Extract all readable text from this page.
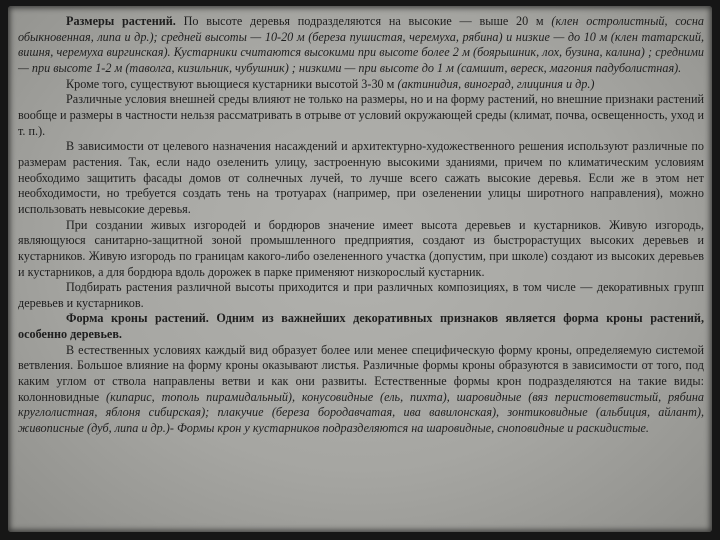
Размеры растений. По высоте деревья подразделяются на высокие — выше 20 м (клен остролистный, сосна обыкновенная, липа и др.); средней высоты — 10-20 м (береза пушистая, черемуха, рябина) и низкие — до 10 м (клен татарский, вишня, черемуха виргинская). Кустарники считаются высокими при высоте более 2 м (боярышник, лох, бузина, калина) ; средними — при высоте 1-2 м (таволга, кизильник, чубушник) ; низкими — при высоте до 1 м (самшит, вереск, магония падуболистная).

Кроме того, существуют вьющиеся кустарники высотой 3-30 м (актинидия, виноград, глициния и др.)

Различные условия внешней среды влияют не только на размеры, но и на форму растений, но внешние признаки растений вообще и размеры в частности нельзя рассматривать в отрыве от условий окружающей среды (климат, почва, освещенность, уход и т. п.).

В зависимости от целевого назначения насаждений и архитектурно-художественного решения используют различные по размерам растения. Так, если надо озеленить улицу, застроенную высокими зданиями, причем по климатическим условиям необходимо защитить фасады домов от солнечных лучей, то лучше всего сажать высокие деревья. Если же в этом нет необходимости, но требуется создать тень на тротуарах (например, при озеленении улицы широтного направления), можно использовать невысокие деревья.

При создании живых изгородей и бордюров значение имеет высота деревьев и кустарников. Живую изгородь, являющуюся санитарно-защитной зоной промышленного предприятия, создают из быстрорастущих высоких деревьев и кустарников. Живую изгородь по границам какого-либо озелененного участка (допустим, при школе) создают из высоких деревьев и кустарников, а для бордюра вдоль дорожек в парке применяют низкорослый кустарник.

Подбирать растения различной высоты приходится и при различных композициях, в том числе — декоративных групп деревьев и кустарников.

Форма кроны растений. Одним из важнейших декоративных признаков является форма кроны растений, особенно деревьев.

В естественных условиях каждый вид образует более или менее специфическую форму кроны, определяемую системой ветвления. Большое влияние на форму кроны оказывают листья. Различные формы кроны образуются в зависимости от того, под каким углом от ствола направлены ветви и как они развиты. Естественные формы крон подразделяются на такие виды: колонновидные (кипарис, тополь пирамидальный), конусовидные (ель, пихта), шаровидные (вяз перистоветвистый, рябина круглолистная, яблоня сибирская); плакучие (береза бородавчатая, ива вавилонская), зонтиковидные (альбиция, айлант), живописные (дуб, липа и др.)- Формы крон у кустарников подразделяются на шаровидные, сноповидные и раскидистые.
